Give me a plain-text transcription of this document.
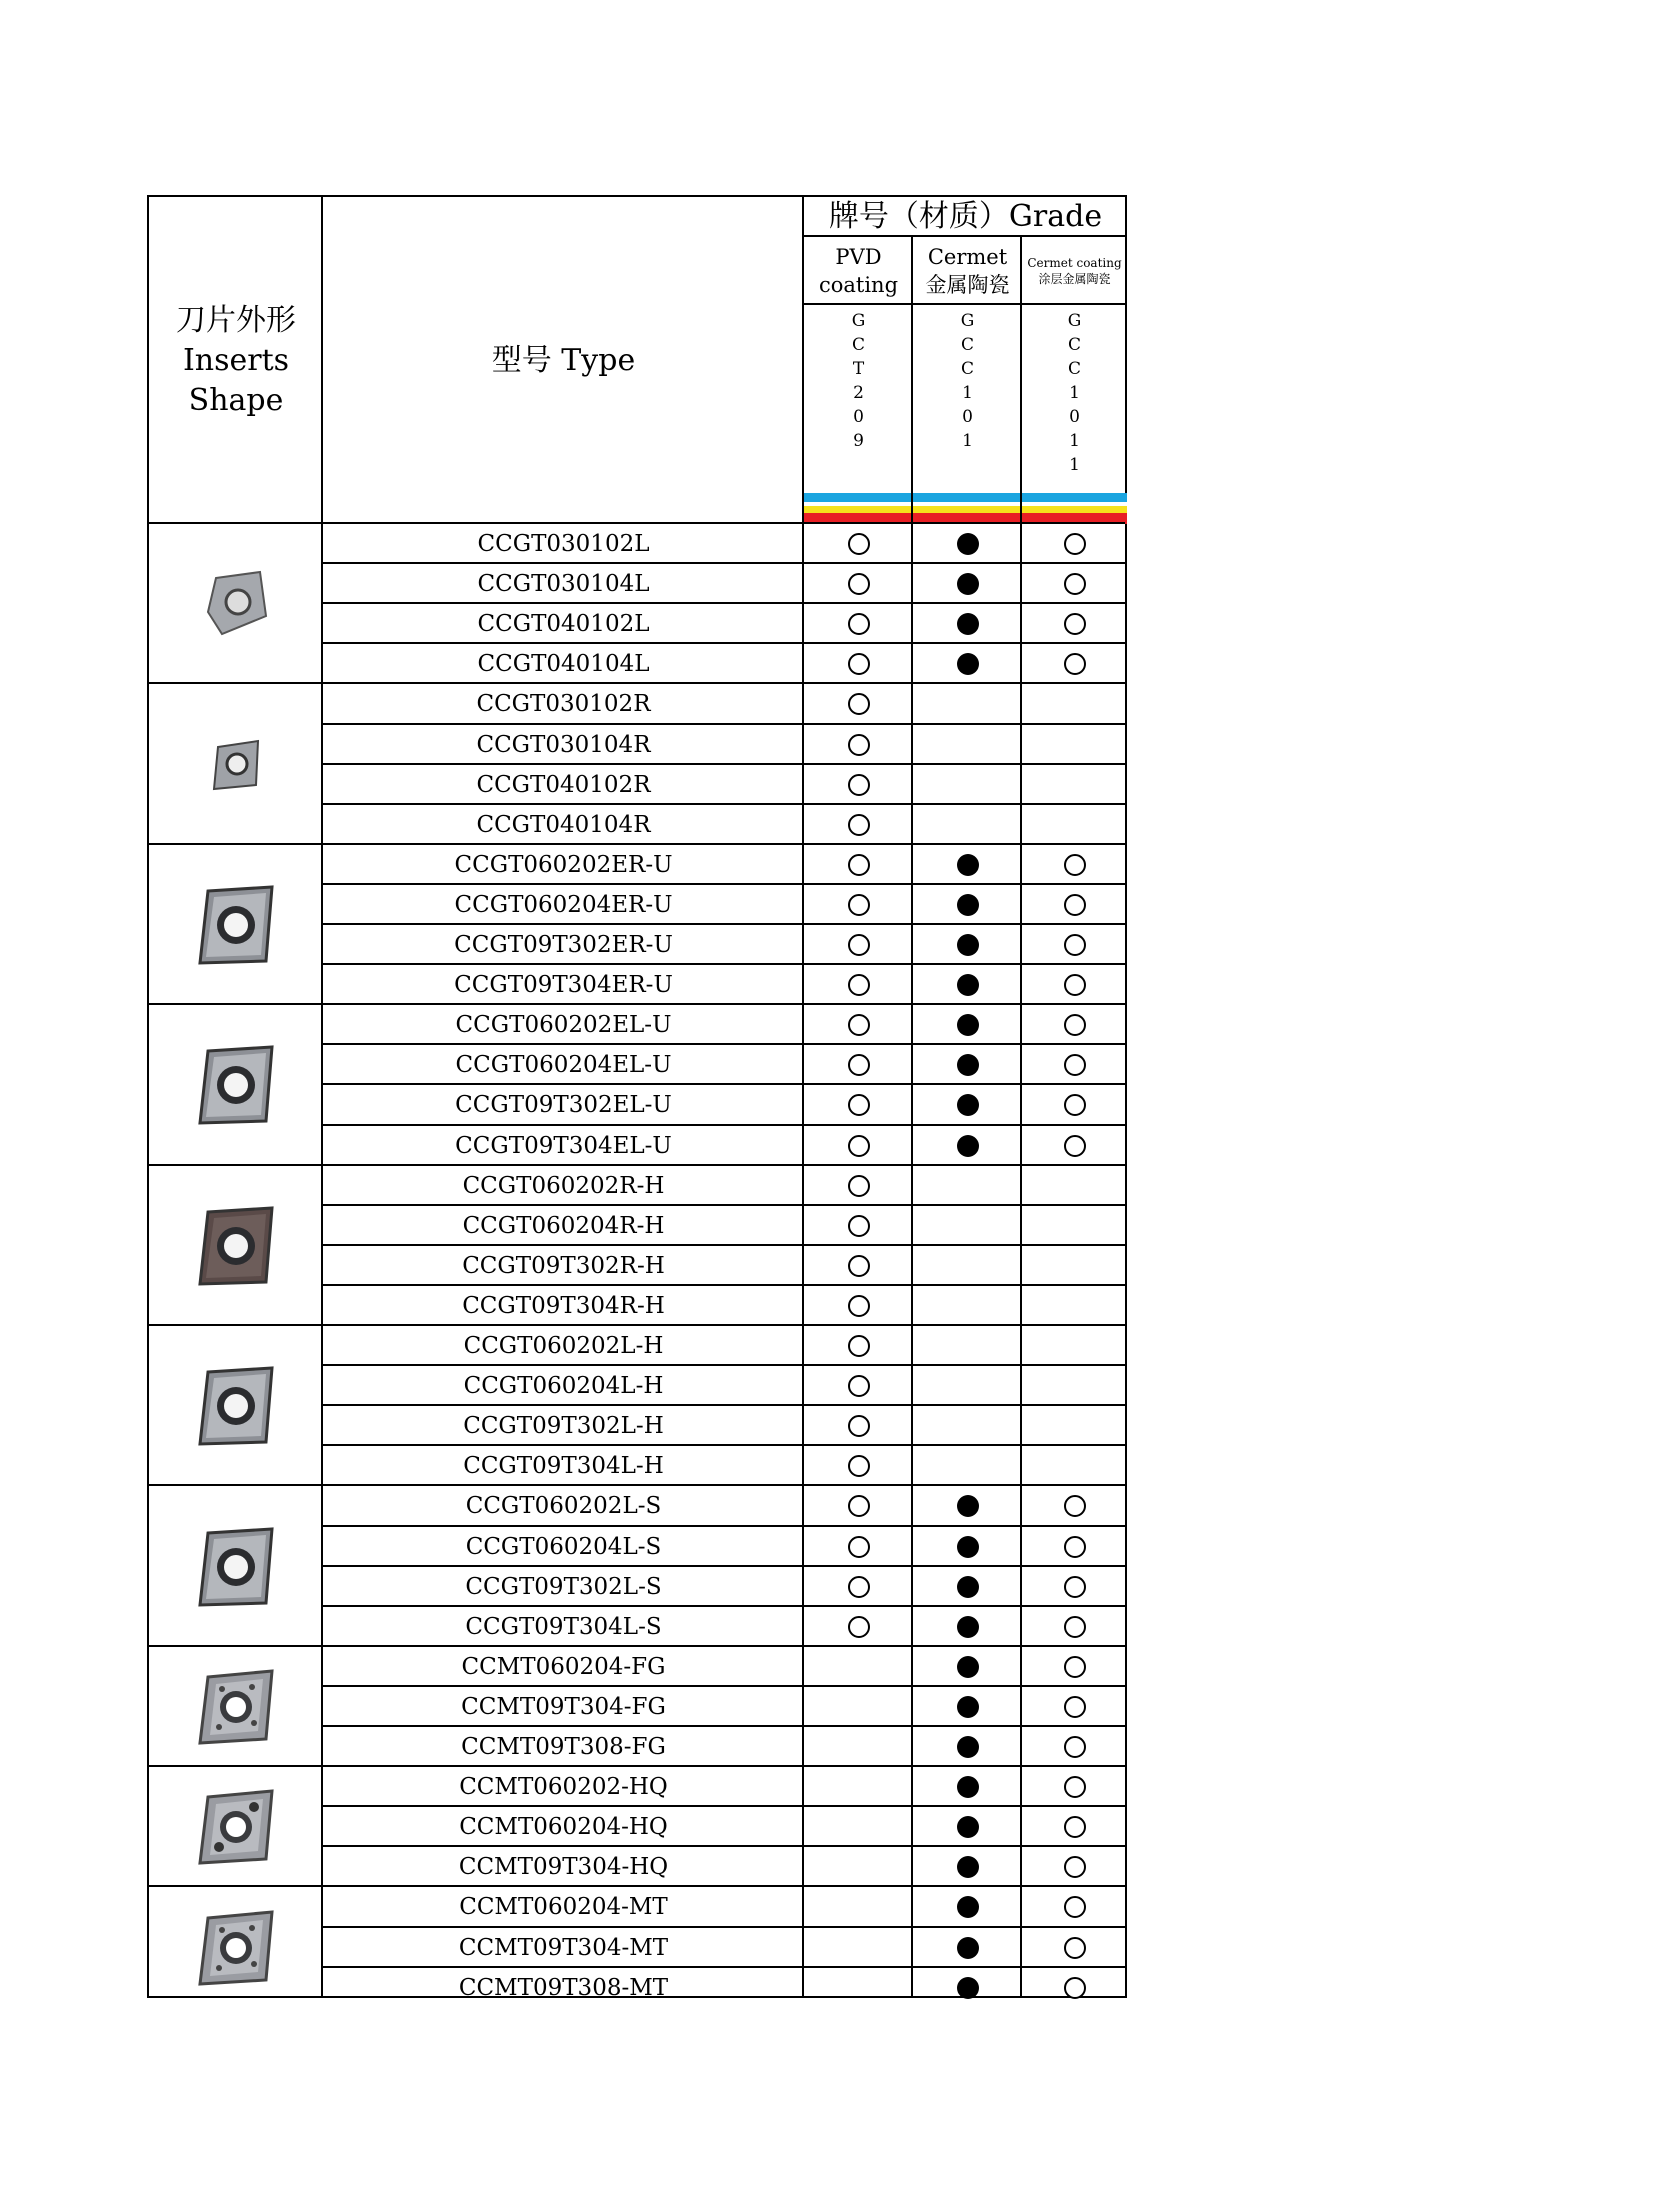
刀片外形
Inserts
Shape
型号 Type
牌号（材质）Grade
PVD
coating
Cermet
金属陶瓷
Cermet coating
涂层金属陶瓷
GCT209
GCC101
GCC1011
CCGT030102L
CCGT030104L
CCGT040102L
CCGT040104L
CCGT030102R
CCGT030104R
CCGT040102R
CCGT040104R
CCGT060202ER-U
CCGT060204ER-U
CCGT09T302ER-U
CCGT09T304ER-U
CCGT060202EL-U
CCGT060204EL-U
CCGT09T302EL-U
CCGT09T304EL-U
CCGT060202R-H
CCGT060204R-H
CCGT09T302R-H
CCGT09T304R-H
CCGT060202L-H
CCGT060204L-H
CCGT09T302L-H
CCGT09T304L-H
CCGT060202L-S
CCGT060204L-S
CCGT09T302L-S
CCGT09T304L-S
CCMT060204-FG
CCMT09T304-FG
CCMT09T308-FG
CCMT060202-HQ
CCMT060204-HQ
CCMT09T304-HQ
CCMT060204-MT
CCMT09T304-MT
CCMT09T308-MT
